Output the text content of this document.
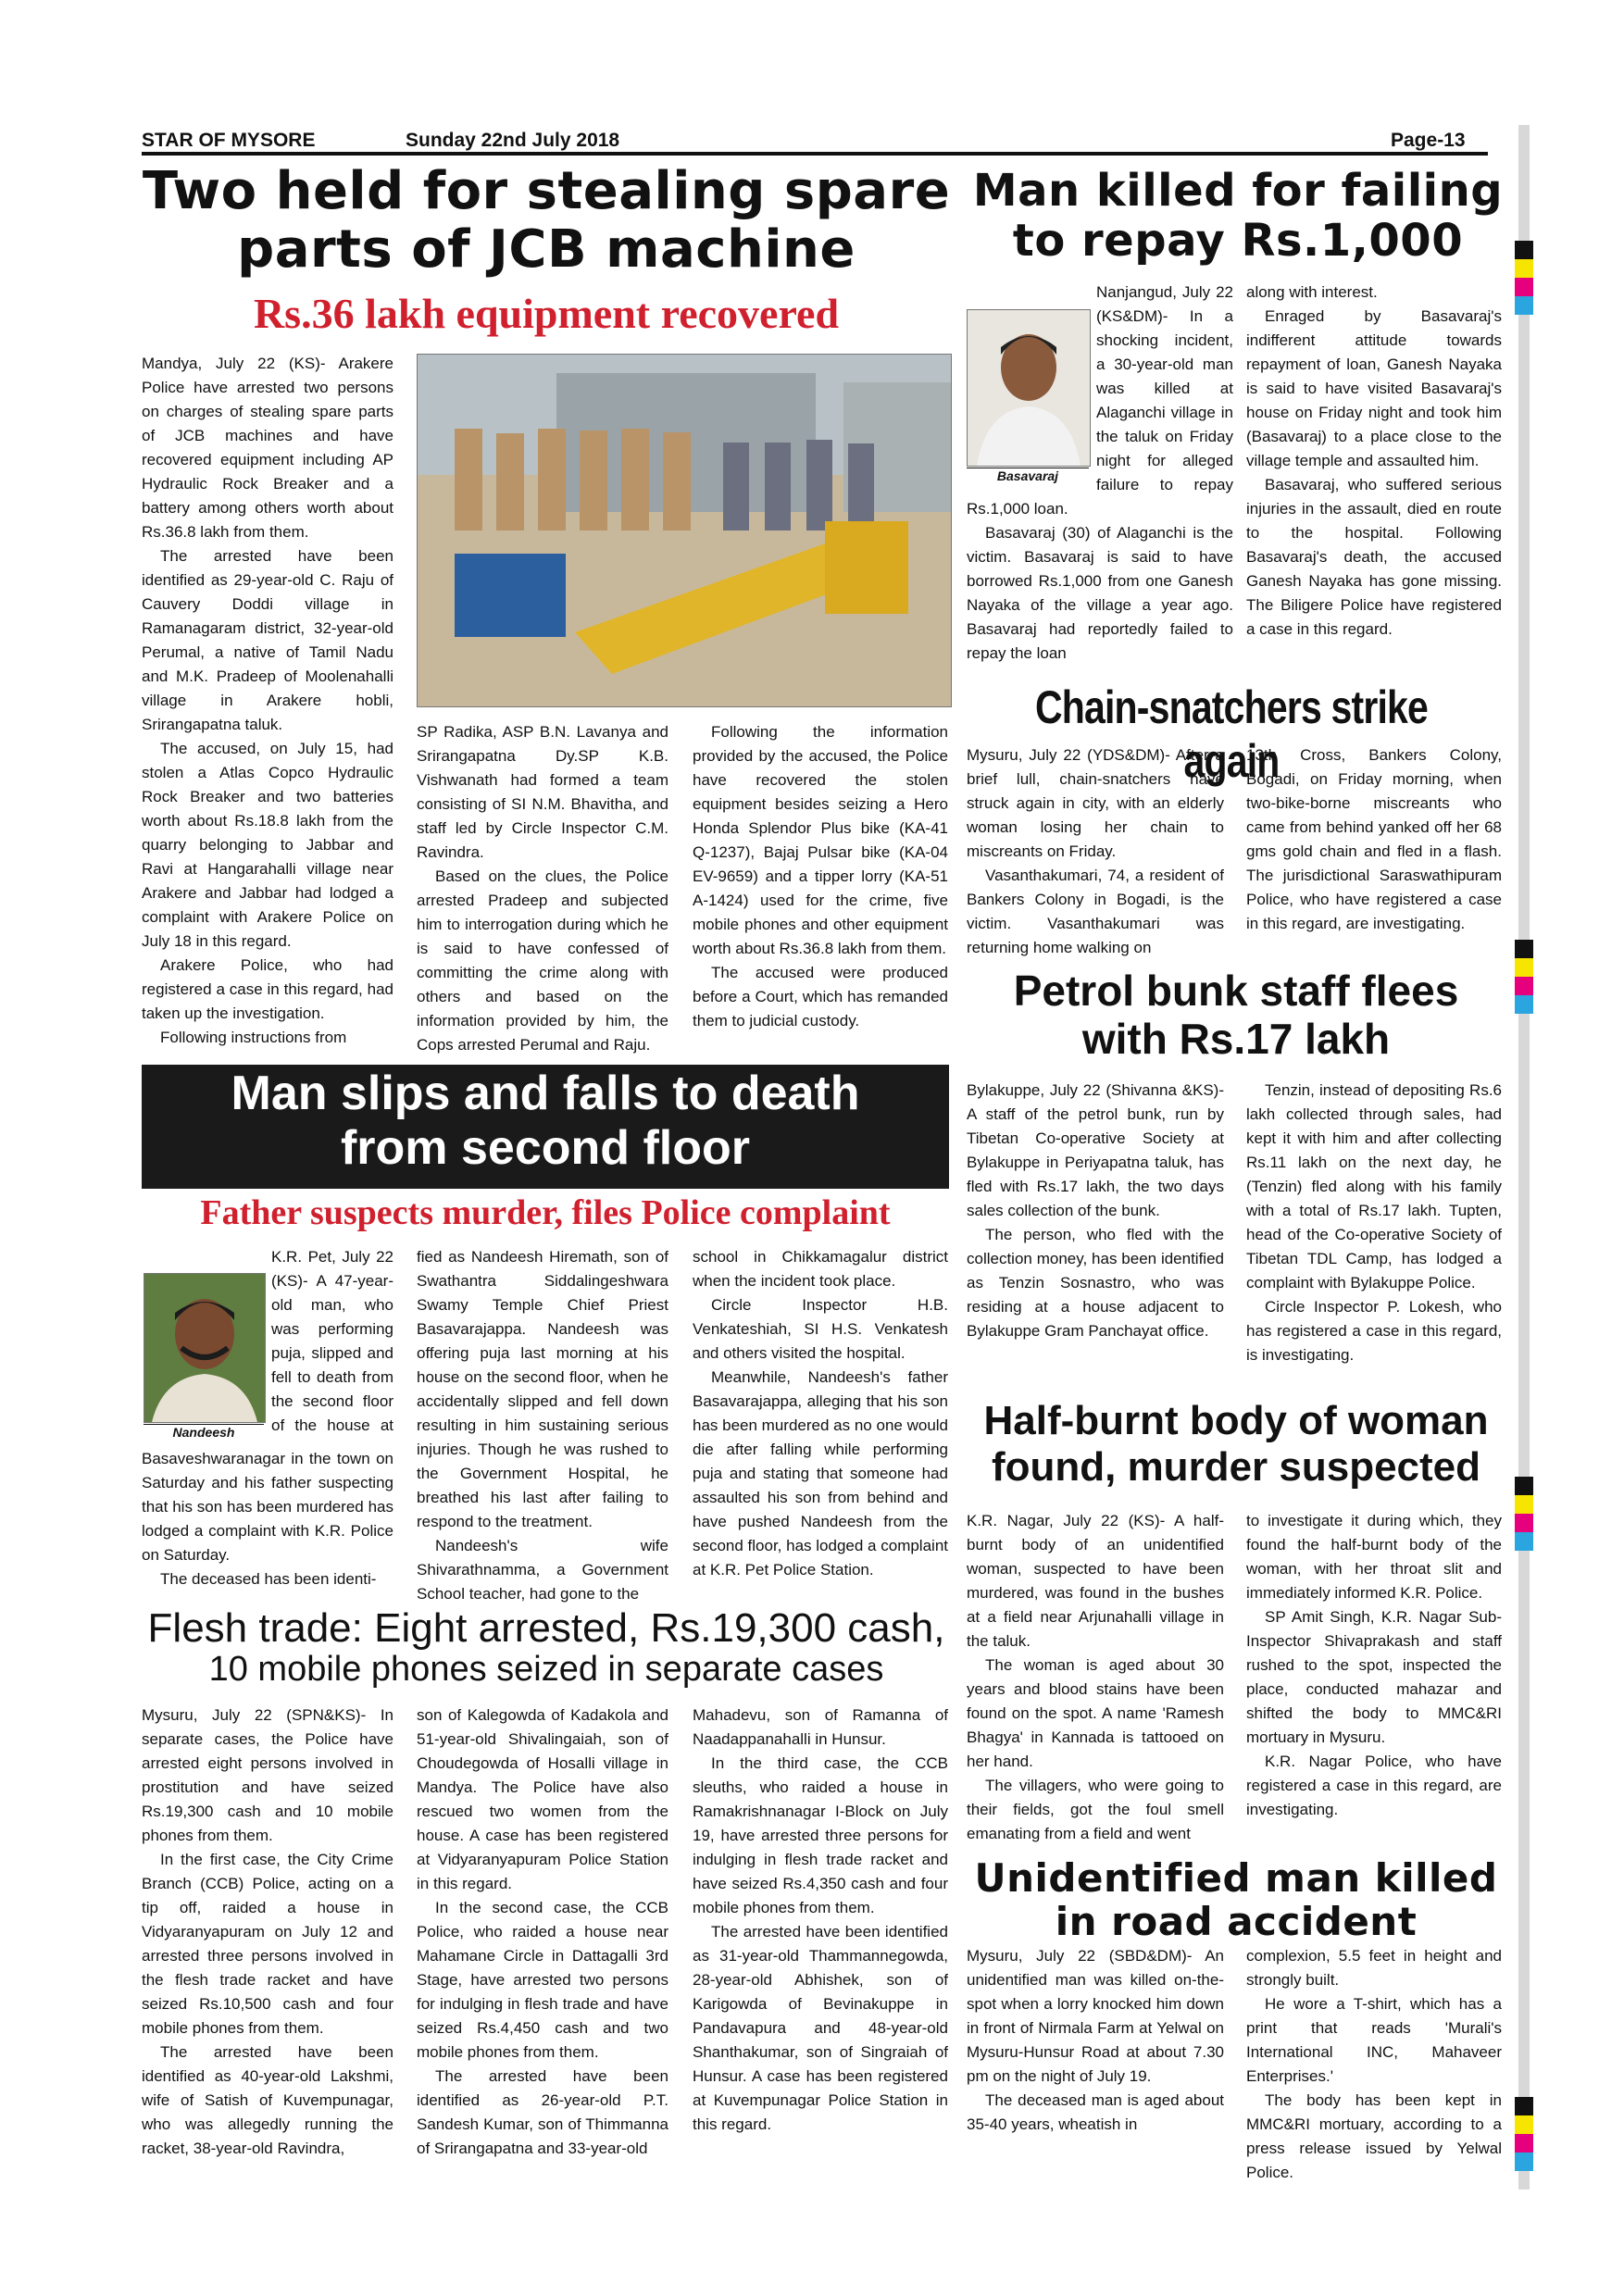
STAR OF MYSORE	Sunday 22nd July 2018	Page-13
Two held for stealing spare
parts of JCB machine
Rs.36 lakh equipment recovered

Mandya, July 22 (KS)- Arakere Police have arrested two persons on charges of stealing spare parts of JCB machines and have recovered equipment including AP Hydraulic Rock Breaker and a battery among others worth about Rs.36.8 lakh from them.

The arrested have been identified as 29-year-old C. Raju of Cauvery Doddi village in Ramanagaram district, 32-year-old Perumal, a native of Tamil Nadu and M.K. Pradeep of Moolenahalli village in Arakere hobli, Srirangapatna taluk.

The accused, on July 15, had stolen a Atlas Copco Hydraulic Rock Breaker and two batteries worth about Rs.18.8 lakh from the quarry belonging to Jabbar and Ravi at Hangarahalli village near Arakere and Jabbar had lodged a complaint with Arakere Police on July 18 in this regard.

Arakere Police, who had registered a case in this regard, had taken up the investigation.

Following instructions from

SP Radika, ASP B.N. Lavanya and Srirangapatna Dy.SP K.B. Vishwanath had formed a team consisting of SI N.M. Bhavitha, and staff led by Circle Inspector C.M. Ravindra.

Based on the clues, the Police arrested Pradeep and subjected him to interrogation during which he is said to have confessed of committing the crime along with others and based on the information provided by him, the Cops arrested Perumal and Raju.

Following the information provided by the accused, the Police have recovered the stolen equipment besides seizing a Hero Honda Splendor Plus bike (KA-41 Q-1237), Bajaj Pulsar bike (KA-04 EV-9659) and a tipper lorry (KA-51 A-1424) used for the crime, five mobile phones and other equipment worth about Rs.36.8 lakh from them.

The accused were produced before a Court, which has remanded them to judicial custody.

Man killed for failing
to repay Rs.1,000
Basavaraj

Nanjangud, July 22 (KS&DM)- In a shocking incident, a 30-year-old man was killed at Alaganchi village in the taluk on Friday night for alleged failure to repay Rs.1,000 loan.

Basavaraj (30) of Alaganchi is the victim. Basavaraj is said to have borrowed Rs.1,000 from one Ganesh Nayaka of the village a year ago. Basavaraj had reportedly failed to repay the loan

along with interest.

Enraged by Basavaraj's indifferent attitude towards repayment of loan, Ganesh Nayaka is said to have visited Basavaraj's house on Friday night and took him (Basavaraj) to a place close to the village temple and assaulted him.

Basavaraj, who suffered serious injuries in the assault, died en route to the hospital. Following Basavaraj's death, the accused Ganesh Nayaka has gone missing. The Biligere Police have registered a case in this regard.

Chain-snatchers strike again

Mysuru, July 22 (YDS&DM)- After a brief lull, chain-snatchers have struck again in city, with an elderly woman losing her chain to miscreants on Friday.

Vasanthakumari, 74, a resident of Bankers Colony in Bogadi, is the victim. Vasanthakumari was returning home walking on

13th Cross, Bankers Colony, Bogadi, on Friday morning, when two-bike-borne miscreants who came from behind yanked off her 68 gms gold chain and fled in a flash. The jurisdictional Saraswathipuram Police, who have registered a case in this regard, are investigating.

Petrol bunk staff flees
with Rs.17 lakh

Bylakuppe, July 22 (Shivanna &KS)- A staff of the petrol bunk, run by Tibetan Co-operative Society at Bylakuppe in Periyapatna taluk, has fled with Rs.17 lakh, the two days sales collection of the bunk.

The person, who fled with the collection money, has been identified as Tenzin Sosnastro, who was residing at a house adjacent to Bylakuppe Gram Panchayat office.

Tenzin, instead of depositing Rs.6 lakh collected through sales, had kept it with him and after collecting Rs.11 lakh on the next day, he (Tenzin) fled along with his family with a total of Rs.17 lakh. Tupten, head of the Co-operative Society of Tibetan TDL Camp, has lodged a complaint with Bylakuppe Police.

Circle Inspector P. Lokesh, who has registered a case in this regard, is investigating.

Man slips and falls to death
from second floor
Father suspects murder, files Police complaint
Nandeesh

K.R. Pet, July 22 (KS)- A 47-year-old man, who was performing puja, slipped and fell to death from the second floor of the house at Basaveshwaranagar in the town on Saturday and his father suspecting that his son has been murdered has lodged a complaint with K.R. Police on Saturday.

The deceased has been identi-

fied as Nandeesh Hiremath, son of Swathantra Siddalingeshwara Swamy Temple Chief Priest Basavarajappa. Nandeesh was offering puja last morning at his house on the second floor, when he accidentally slipped and fell down resulting in him sustaining serious injuries. Though he was rushed to the Government Hospital, he breathed his last after failing to respond to the treatment.

Nandeesh's wife Shivarathnamma, a Government School teacher, had gone to the

school in Chikkamagalur district when the incident took place.

Circle Inspector H.B. Venkateshiah, SI H.S. Venkatesh and others visited the hospital.

Meanwhile, Nandeesh's father Basavarajappa, alleging that his son has been murdered as no one would die after falling while performing puja and stating that someone had assaulted his son from behind and have pushed Nandeesh from the second floor, has lodged a complaint at K.R. Pet Police Station.

Flesh trade: Eight arrested, Rs.19,300 cash,
10 mobile phones seized in separate cases

Mysuru, July 22 (SPN&KS)- In separate cases, the Police have arrested eight persons involved in prostitution and have seized Rs.19,300 cash and 10 mobile phones from them.

In the first case, the City Crime Branch (CCB) Police, acting on a tip off, raided a house in Vidyaranyapuram on July 12 and arrested three persons involved in the flesh trade racket and have seized Rs.10,500 cash and four mobile phones from them.

The arrested have been identified as 40-year-old Lakshmi, wife of Satish of Kuvempunagar, who was allegedly running the racket, 38-year-old Ravindra,

son of Kalegowda of Kadakola and 51-year-old Shivalingaiah, son of Choudegowda of Hosalli village in Mandya. The Police have also rescued two women from the house. A case has been registered at Vidyaranyapuram Police Station in this regard.

In the second case, the CCB Police, who raided a house near Mahamane Circle in Dattagalli 3rd Stage, have arrested two persons for indulging in flesh trade and have seized Rs.4,450 cash and two mobile phones from them.

The arrested have been identified as 26-year-old P.T. Sandesh Kumar, son of Thimmanna of Srirangapatna and 33-year-old

Mahadevu, son of Ramanna of Naadappanahalli in Hunsur.

In the third case, the CCB sleuths, who raided a house in Ramakrishnanagar I-Block on July 19, have arrested three persons for indulging in flesh trade racket and have seized Rs.4,350 cash and four mobile phones from them.

The arrested have been identified as 31-year-old Thammannegowda, 28-year-old Abhishek, son of Karigowda of Bevinakuppe in Pandavapura and 48-year-old Shanthakumar, son of Singraiah of Hunsur. A case has been registered at Kuvempunagar Police Station in this regard.

Half-burnt body of woman
found, murder suspected

K.R. Nagar, July 22 (KS)- A half-burnt body of an unidentified woman, suspected to have been murdered, was found in the bushes at a field near Arjunahalli village in the taluk.

The woman is aged about 30 years and blood stains have been found on the spot. A name 'Ramesh Bhagya' in Kannada is tattooed on her hand.

The villagers, who were going to their fields, got the foul smell emanating from a field and went

to investigate it during which, they found the half-burnt body of the woman, with her throat slit and immediately informed K.R. Police.

SP Amit Singh, K.R. Nagar Sub-Inspector Shivaprakash and staff rushed to the spot, inspected the place, conducted mahazar and shifted the body to MMC&RI mortuary in Mysuru.

K.R. Nagar Police, who have registered a case in this regard, are investigating.

Unidentified man killed
in road accident

Mysuru, July 22 (SBD&DM)- An unidentified man was killed on-the-spot when a lorry knocked him down in front of Nirmala Farm at Yelwal on Mysuru-Hunsur Road at about 7.30 pm on the night of July 19.

The deceased man is aged about 35-40 years, wheatish in

complexion, 5.5 feet in height and strongly built.

He wore a T-shirt, which has a print that reads 'Murali's International INC, Mahaveer Enterprises.'

The body has been kept in MMC&RI mortuary, according to a press release issued by Yelwal Police.
